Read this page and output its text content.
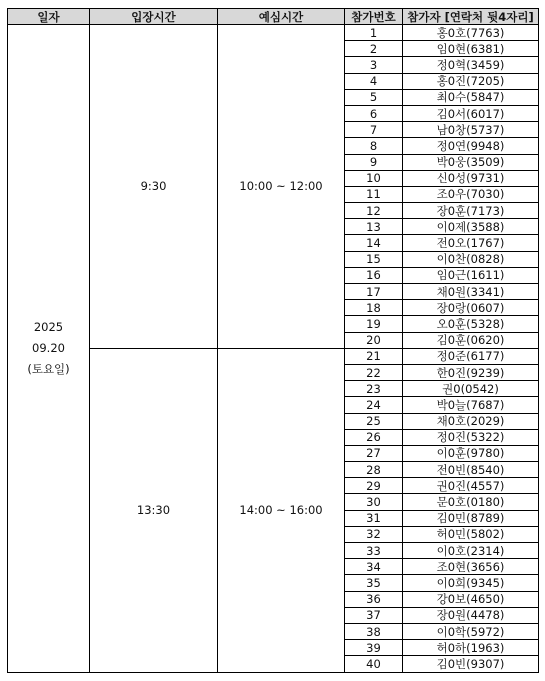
일자	입장시간	예심시간	참가번호	참가자 [연락처 뒷4자리]

2025
09.20
(토요일)	9:30	10:00 ~ 12:00	1	홍0호(7763)
			2	임0현(6381)
			3	정0혁(3459)
			4	홍0진(7205)
			5	최0수(5847)
			6	김0서(6017)
			7	남0창(5737)
			8	정0연(9948)
			9	박0웅(3509)
			10	신0성(9731)
			11	조0우(7030)
			12	장0훈(7173)
			13	이0제(3588)
			14	전0오(1767)
			15	이0찬(0828)
			16	임0근(1611)
			17	채0원(3341)
			18	장0랑(0607)
			19	오0훈(5328)
			20	김0훈(0620)
	13:30	14:00 ~ 16:00	21	정0준(6177)
			22	한0진(9239)
			23	권0(0542)
			24	박0늘(7687)
			25	채0호(2029)
			26	정0진(5322)
			27	이0훈(9780)
			28	전0빈(8540)
			29	권0진(4557)
			30	문0호(0180)
			31	김0민(8789)
			32	허0민(5802)
			33	이0호(2314)
			34	조0현(3656)
			35	이0희(9345)
			36	강0보(4650)
			37	장0원(4478)
			38	이0학(5972)
			39	허0하(1963)
			40	김0빈(9307)
